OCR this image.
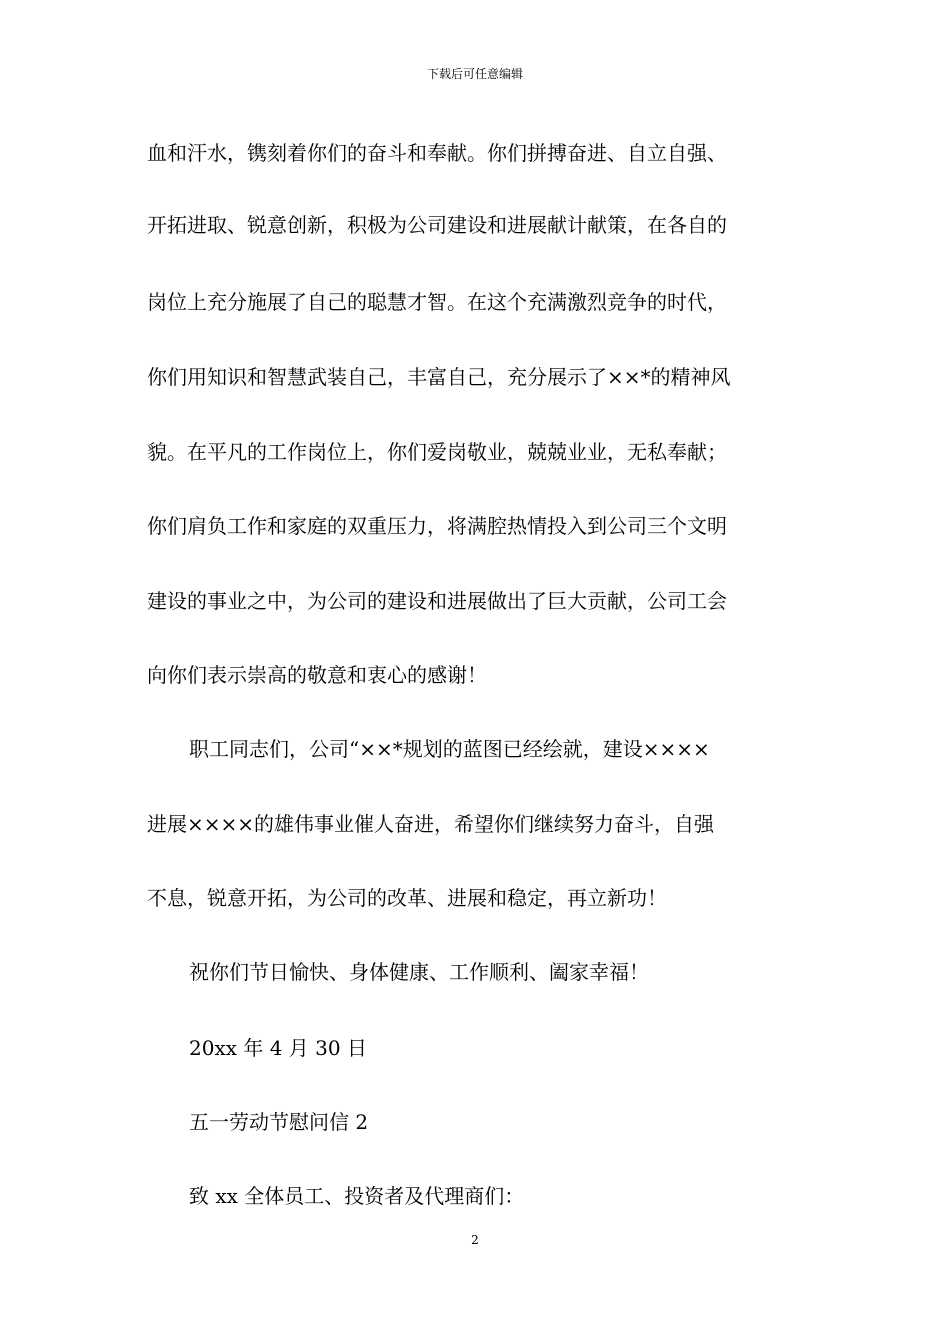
下载后可任意编辑
血和汗水，镌刻着你们的奋斗和奉献。你们拼搏奋进、自立自强、
开拓进取、锐意创新，积极为公司建设和进展献计献策，在各自的
岗位上充分施展了自己的聪慧才智。在这个充满激烈竞争的时代，
你们用知识和智慧武装自己，丰富自己，充分展示了××*的精神风
貌。在平凡的工作岗位上，你们爱岗敬业，兢兢业业，无私奉献；
你们肩负工作和家庭的双重压力，将满腔热情投入到公司三个文明
建设的事业之中，为公司的建设和进展做出了巨大贡献，公司工会
向你们表示崇高的敬意和衷心的感谢！
职工同志们，公司“××*规划的蓝图已经绘就，建设××××
进展××××的雄伟事业催人奋进，希望你们继续努力奋斗，自强
不息，锐意开拓，为公司的改革、进展和稳定，再立新功！
祝你们节日愉快、身体健康、工作顺利、阖家幸福！
20xx 年 4 月 30 日
五一劳动节慰问信 2
致 xx 全体员工、投资者及代理商们：
2
